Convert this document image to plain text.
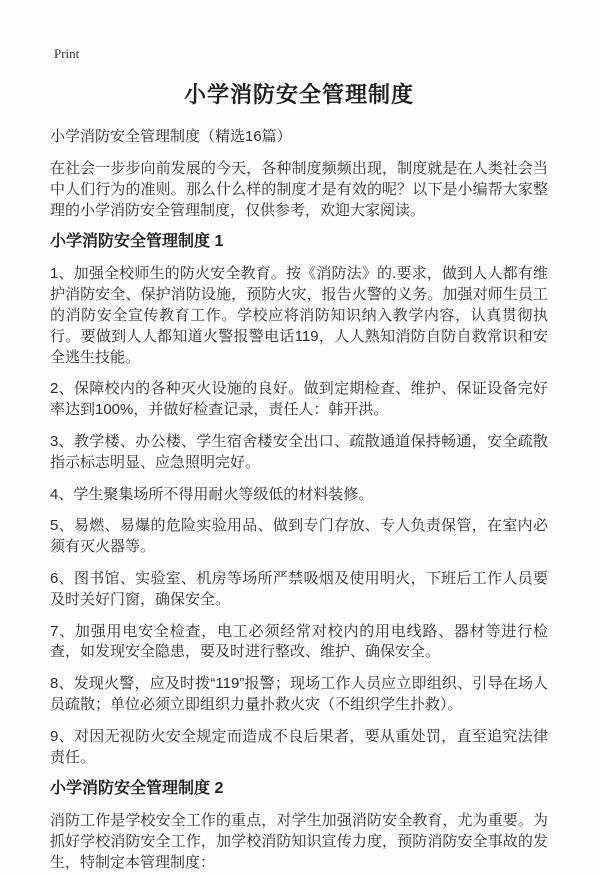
Print
小学消防安全管理制度

小学消防安全管理制度（精选16篇）

在社会一步步向前发展的今天，各种制度频频出现，制度就是在人类社会当中人们行为的准则。那么什么样的制度才是有效的呢？以下是小编帮大家整理的小学消防安全管理制度，仅供参考，欢迎大家阅读。

小学消防安全管理制度 1

1、加强全校师生的防火安全教育。按《消防法》的.要求，做到人人都有维护消防安全、保护消防设施，预防火灾，报告火警的义务。加强对师生员工的消防安全宣传教育工作。学校应将消防知识纳入教学内容，认真贯彻执行。要做到人人都知道火警报警电话119，人人熟知消防自防自救常识和安全逃生技能。

2、保障校内的各种灭火设施的良好。做到定期检查、维护、保证设备完好率达到100%，并做好检查记录，责任人：韩开洪。

3、教学楼、办公楼、学生宿舍楼安全出口、疏散通道保持畅通，安全疏散指示标志明显、应急照明完好。

4、学生聚集场所不得用耐火等级低的材料装修。

5、易燃、易爆的危险实验用品、做到专门存放、专人负责保管，在室内必须有灭火器等。

6、图书馆、实验室、机房等场所严禁吸烟及使用明火，下班后工作人员要及时关好门窗，确保安全。

7、加强用电安全检查，电工必须经常对校内的用电线路、器材等进行检查，如发现安全隐患，要及时进行整改、维护、确保安全。

8、发现火警，应及时拨“119”报警；现场工作人员应立即组织、引导在场人员疏散；单位必须立即组织力量扑救火灾（不组织学生扑救）。

9、对因无视防火安全规定而造成不良后果者，要从重处罚，直至追究法律责任。

小学消防安全管理制度 2

消防工作是学校安全工作的重点，对学生加强消防安全教育，尤为重要。为抓好学校消防安全工作，加学校消防知识宣传力度，预防消防安全事故的发生，特制定本管理制度：
